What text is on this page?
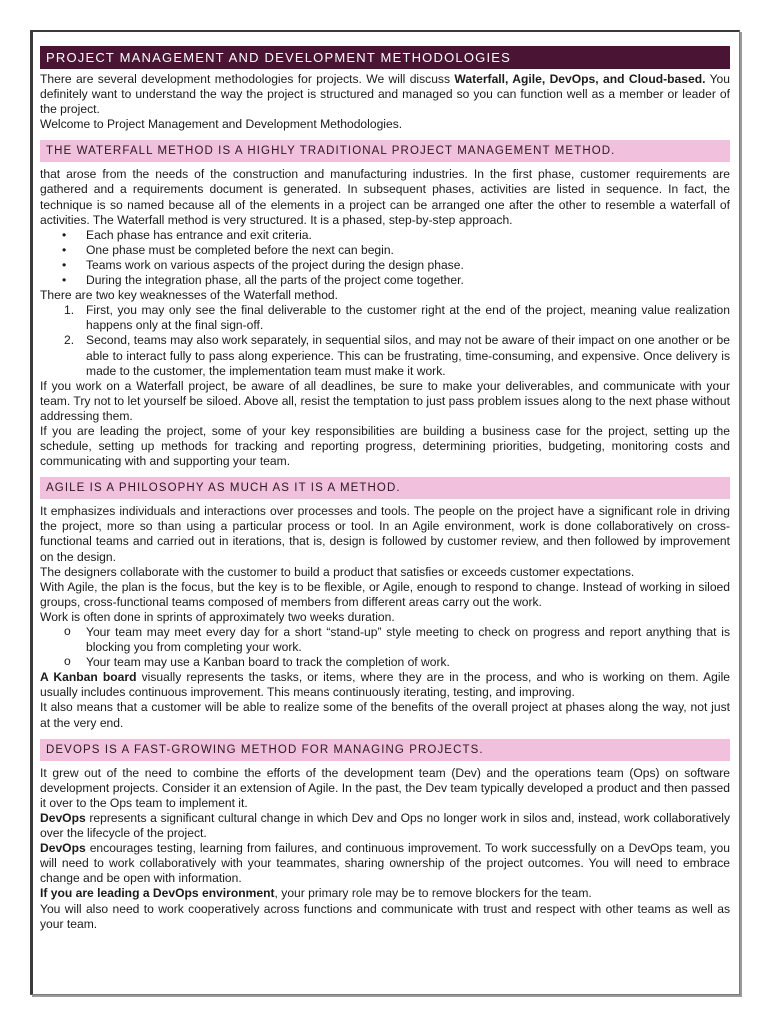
PROJECT MANAGEMENT AND DEVELOPMENT METHODOLOGIES

There are several development methodologies for projects. We will discuss Waterfall, Agile, DevOps, and Cloud-based. You definitely want to understand the way the project is structured and managed so you can function well as a member or leader of the project.

Welcome to Project Management and Development Methodologies.

THE WATERFALL METHOD IS A HIGHLY TRADITIONAL PROJECT MANAGEMENT METHOD.

that arose from the needs of the construction and manufacturing industries. In the first phase, customer requirements are gathered and a requirements document is generated. In subsequent phases, activities are listed in sequence. In fact, the technique is so named because all of the elements in a project can be arranged one after the other to resemble a waterfall of activities. The Waterfall method is very structured. It is a phased, step-by-step approach.

• Each phase has entrance and exit criteria.
• One phase must be completed before the next can begin.
• Teams work on various aspects of the project during the design phase.
• During the integration phase, all the parts of the project come together.

There are two key weaknesses of the Waterfall method.

1. First, you may only see the final deliverable to the customer right at the end of the project, meaning value realization happens only at the final sign-off.
2. Second, teams may also work separately, in sequential silos, and may not be aware of their impact on one another or be able to interact fully to pass along experience. This can be frustrating, time-consuming, and expensive. Once delivery is made to the customer, the implementation team must make it work.

If you work on a Waterfall project, be aware of all deadlines, be sure to make your deliverables, and communicate with your team. Try not to let yourself be siloed. Above all, resist the temptation to just pass problem issues along to the next phase without addressing them.

If you are leading the project, some of your key responsibilities are building a business case for the project, setting up the schedule, setting up methods for tracking and reporting progress, determining priorities, budgeting, monitoring costs and communicating with and supporting your team.

AGILE IS A PHILOSOPHY AS MUCH AS IT IS A METHOD.

It emphasizes individuals and interactions over processes and tools. The people on the project have a significant role in driving the project, more so than using a particular process or tool. In an Agile environment, work is done collaboratively on cross-functional teams and carried out in iterations, that is, design is followed by customer review, and then followed by improvement on the design.

The designers collaborate with the customer to build a product that satisfies or exceeds customer expectations.

With Agile, the plan is the focus, but the key is to be flexible, or Agile, enough to respond to change. Instead of working in siloed groups, cross-functional teams composed of members from different areas carry out the work.

Work is often done in sprints of approximately two weeks duration.

o Your team may meet every day for a short “stand-up” style meeting to check on progress and report anything that is blocking you from completing your work.
o Your team may use a Kanban board to track the completion of work.

A Kanban board visually represents the tasks, or items, where they are in the process, and who is working on them. Agile usually includes continuous improvement. This means continuously iterating, testing, and improving.

It also means that a customer will be able to realize some of the benefits of the overall project at phases along the way, not just at the very end.

DEVOPS IS A FAST-GROWING METHOD FOR MANAGING PROJECTS.

It grew out of the need to combine the efforts of the development team (Dev) and the operations team (Ops) on software development projects. Consider it an extension of Agile. In the past, the Dev team typically developed a product and then passed it over to the Ops team to implement it.

DevOps represents a significant cultural change in which Dev and Ops no longer work in silos and, instead, work collaboratively over the lifecycle of the project.

DevOps encourages testing, learning from failures, and continuous improvement. To work successfully on a DevOps team, you will need to work collaboratively with your teammates, sharing ownership of the project outcomes. You will need to embrace change and be open with information.

If you are leading a DevOps environment, your primary role may be to remove blockers for the team.

You will also need to work cooperatively across functions and communicate with trust and respect with other teams as well as your team.
